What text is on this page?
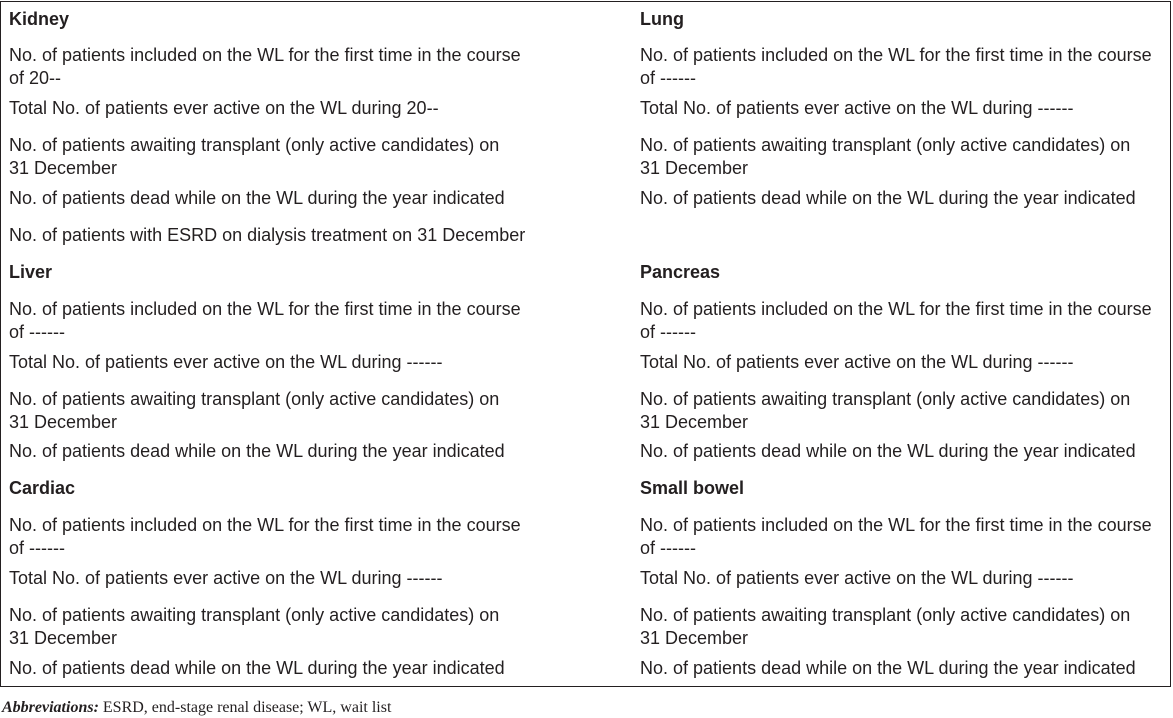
Kidney
No. of patients included on the WL for the first time in the course
of 20--
Total No. of patients ever active on the WL during 20--
No. of patients awaiting transplant (only active candidates) on
31 December
No. of patients dead while on the WL during the year indicated
No. of patients with ESRD on dialysis treatment on 31 December
Liver
No. of patients included on the WL for the first time in the course
of ------
Total No. of patients ever active on the WL during ------
No. of patients awaiting transplant (only active candidates) on
31 December
No. of patients dead while on the WL during the year indicated
Cardiac
No. of patients included on the WL for the first time in the course
of ------
Total No. of patients ever active on the WL during ------
No. of patients awaiting transplant (only active candidates) on
31 December
No. of patients dead while on the WL during the year indicated
Lung
No. of patients included on the WL for the first time in the course
of ------
Total No. of patients ever active on the WL during ------
No. of patients awaiting transplant (only active candidates) on
31 December
No. of patients dead while on the WL during the year indicated
Pancreas
No. of patients included on the WL for the first time in the course
of ------
Total No. of patients ever active on the WL during ------
No. of patients awaiting transplant (only active candidates) on
31 December
No. of patients dead while on the WL during the year indicated
Small bowel
No. of patients included on the WL for the first time in the course
of ------
Total No. of patients ever active on the WL during ------
No. of patients awaiting transplant (only active candidates) on
31 December
No. of patients dead while on the WL during the year indicated
Abbreviations: ESRD, end-stage renal disease; WL, wait list
